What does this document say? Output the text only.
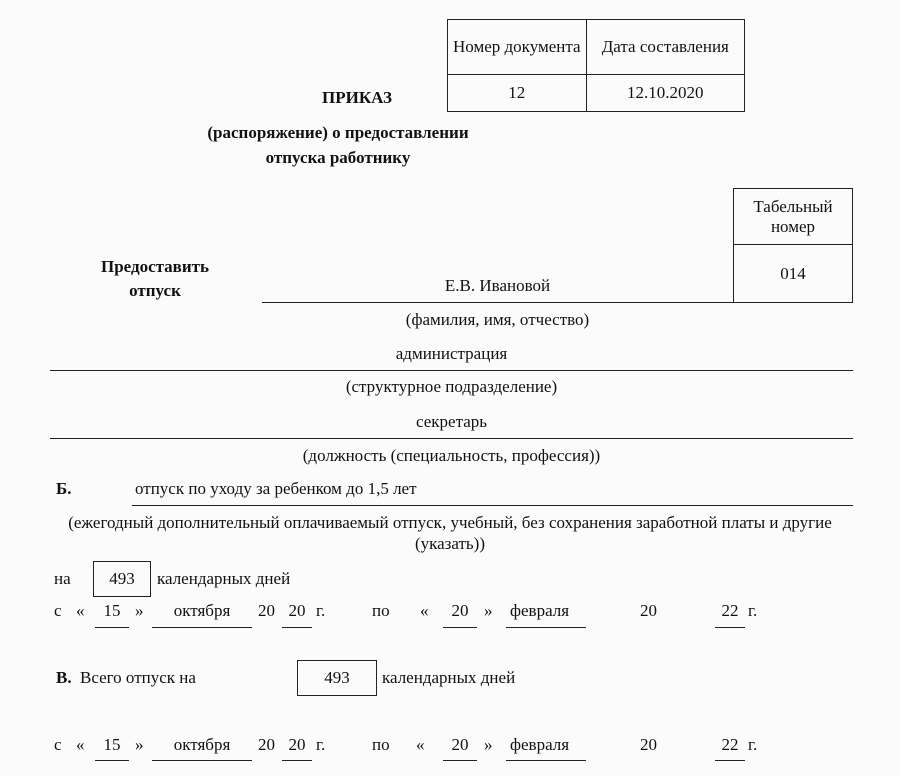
Номер документа	Дата составления
12	12.10.2020
ПРИКАЗ
(распоряжение) о предоставлении отпуска работнику
Табельный номер
014
Предоставить отпуск	Е.В. Ивановой
(фамилия, имя, отчество)
администрация
(структурное подразделение)
секретарь
(должность (специальность, профессия))
Б.	отпуск по уходу за ребенком до 1,5 лет
(ежегодный дополнительный оплачиваемый отпуск, учебный, без сохранения заработной платы и другие (указать))
на	493	календарных дней
с «	15 »	октября	20 20 г.	по «	20 » февраля	20	22 г.
В. Всего отпуск на	493	календарных дней
с «	15 »	октября	20 20 г.	по «	20 » февраля	20	22 г.
